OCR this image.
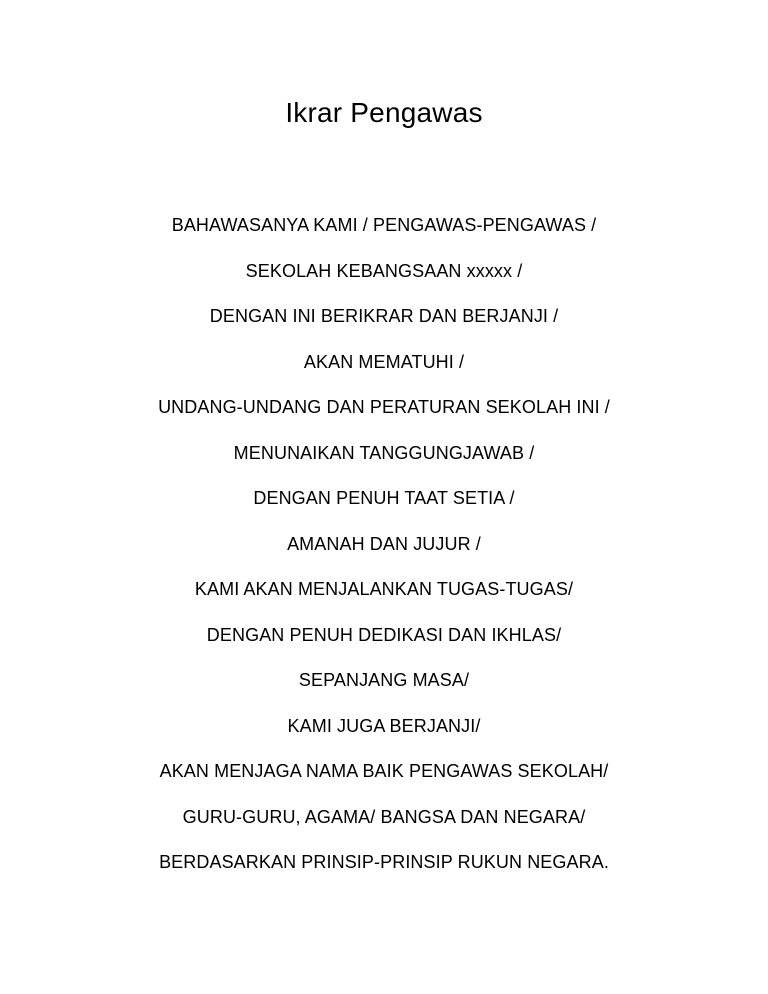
Ikrar Pengawas
BAHAWASANYA KAMI / PENGAWAS-PENGAWAS /
SEKOLAH KEBANGSAAN xxxxx /
DENGAN INI BERIKRAR DAN BERJANJI /
AKAN MEMATUHI /
UNDANG-UNDANG DAN PERATURAN SEKOLAH INI /
MENUNAIKAN TANGGUNGJAWAB /
DENGAN PENUH TAAT SETIA /
AMANAH DAN JUJUR /
KAMI AKAN MENJALANKAN TUGAS-TUGAS/
DENGAN PENUH DEDIKASI DAN IKHLAS/
SEPANJANG MASA/
KAMI JUGA BERJANJI/
AKAN MENJAGA NAMA BAIK PENGAWAS SEKOLAH/
GURU-GURU, AGAMA/ BANGSA DAN NEGARA/
BERDASARKAN PRINSIP-PRINSIP RUKUN NEGARA.
